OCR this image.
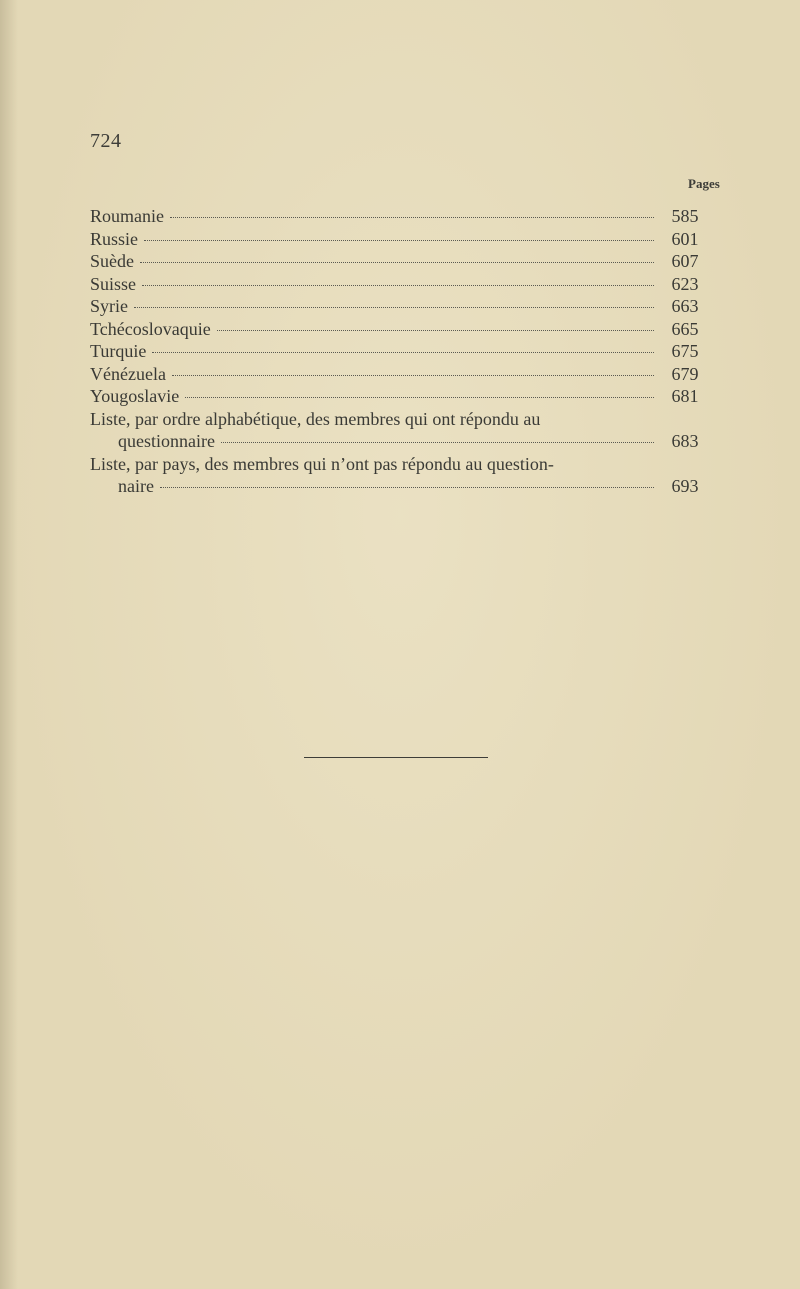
724
Pages
Roumanie	585
Russie	601
Suède	607
Suisse	623
Syrie	663
Tchécoslovaquie	665
Turquie	675
Vénézuela	679
Yougoslavie	681
Liste, par ordre alphabétique, des membres qui ont répondu au
questionnaire	683
Liste, par pays, des membres qui n’ont pas répondu au question-
naire	693
